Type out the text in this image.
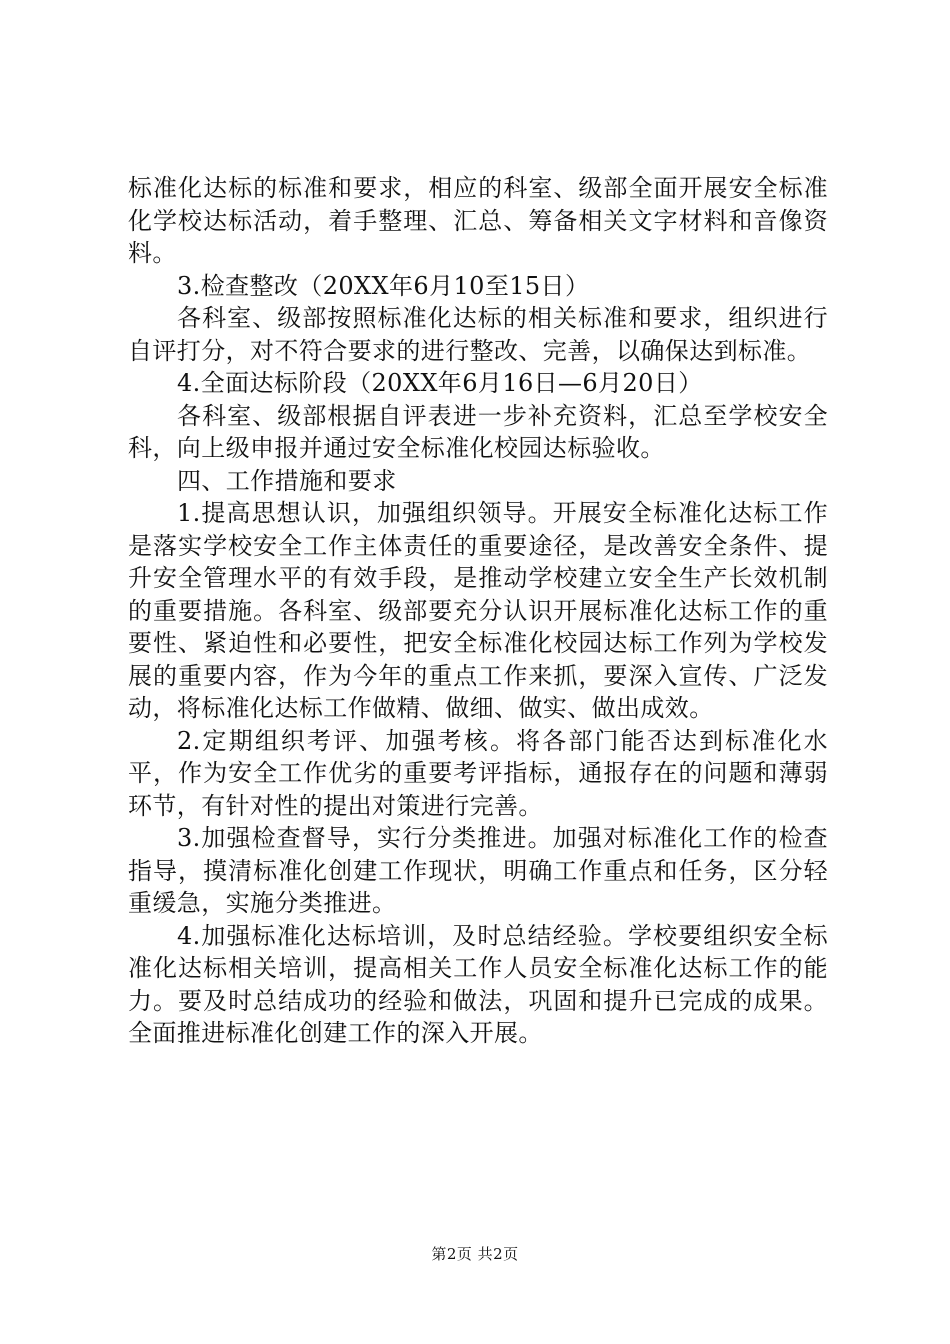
标准化达标的标准和要求，相应的科室、级部全面开展安全标准化学校达标活动，着手整理、汇总、筹备相关文字材料和音像资料。

3.检查整改（20XX年6月10至15日）

各科室、级部按照标准化达标的相关标准和要求，组织进行自评打分，对不符合要求的进行整改、完善，以确保达到标准。

4.全面达标阶段（20XX年6月16日—6月20日）

各科室、级部根据自评表进一步补充资料，汇总至学校安全科，向上级申报并通过安全标准化校园达标验收。

四、工作措施和要求

1.提高思想认识，加强组织领导。开展安全标准化达标工作是落实学校安全工作主体责任的重要途径，是改善安全条件、提升安全管理水平的有效手段，是推动学校建立安全生产长效机制的重要措施。各科室、级部要充分认识开展标准化达标工作的重要性、紧迫性和必要性，把安全标准化校园达标工作列为学校发展的重要内容，作为今年的重点工作来抓，要深入宣传、广泛发动，将标准化达标工作做精、做细、做实、做出成效。

2.定期组织考评、加强考核。将各部门能否达到标准化水平，作为安全工作优劣的重要考评指标，通报存在的问题和薄弱环节，有针对性的提出对策进行完善。

3.加强检查督导，实行分类推进。加强对标准化工作的检查指导，摸清标准化创建工作现状，明确工作重点和任务，区分轻重缓急，实施分类推进。

4.加强标准化达标培训，及时总结经验。学校要组织安全标准化达标相关培训，提高相关工作人员安全标准化达标工作的能力。要及时总结成功的经验和做法，巩固和提升已完成的成果。全面推进标准化创建工作的深入开展。

第2页 共2页
